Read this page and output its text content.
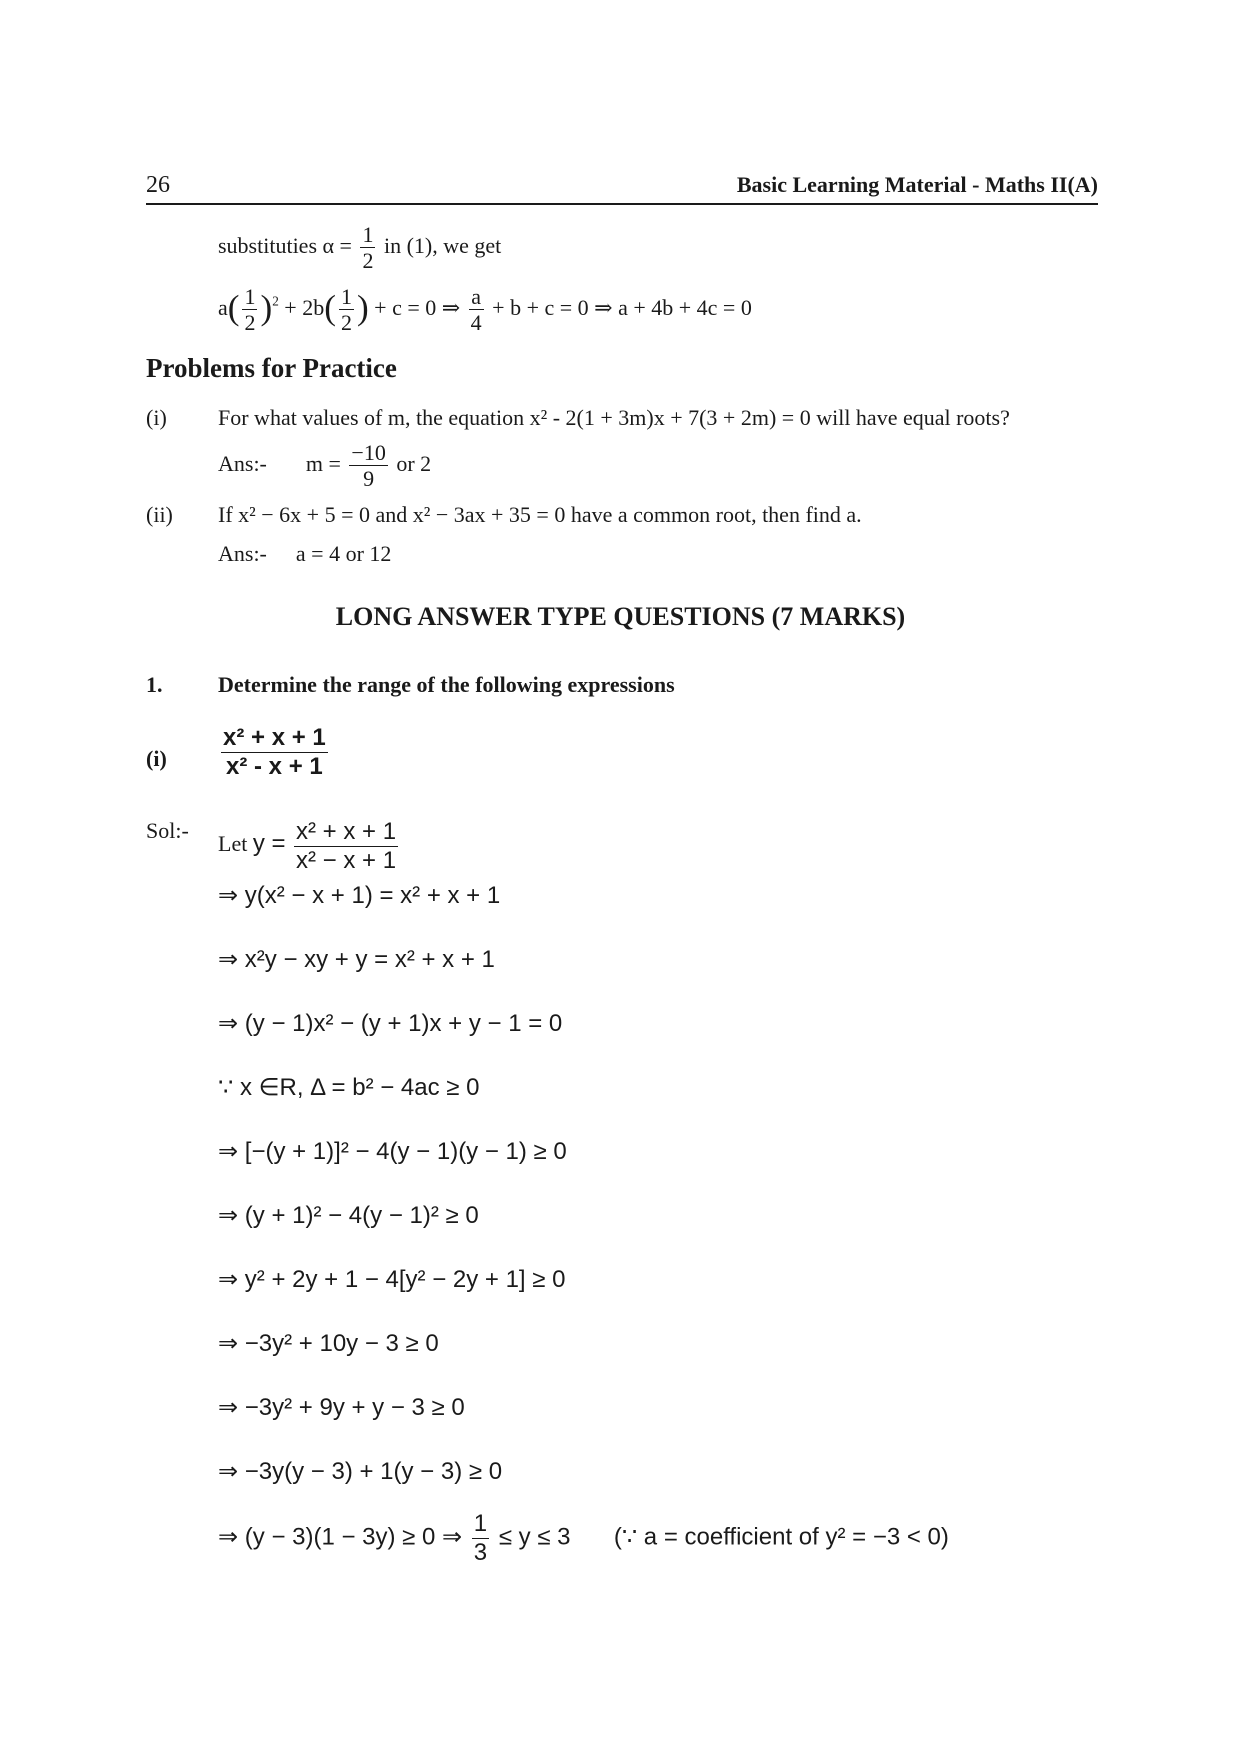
26	Basic Learning Material - Maths II(A)
substituties $\alpha = \frac{1}{2}$ in (1), we get
$a( \frac{1}{2} )^2 + 2b( \frac{1}{2}$ ) + c = 0 ⇒ $\frac{a}{4} + b + c = 0$ ⇒ a + 4b + 4c = 0
Problems for Practice
(i) For what values of m, the equation x² - 2(1 + 3m)x + 7(3 + 2m) = 0 will have equal roots?
Ans:- $m = \frac{-10}{9}$ or 2
(ii) If x² − 6x + 5 = 0 and x² − 3ax + 35 = 0 have a common root, then find a.
Ans:- a = 4 or 12
LONG ANSWER TYPE QUESTIONS (7 MARKS)
1.	Determine the range of the following expressions
$(i) \frac{\text{x² + x + 1}}{\text{x² - x + 1}}$
Sol:-
Let $y = \frac{\text{x² + x + 1}}{\text{x² − x + 1}}$
⇒ y(x² − x + 1) = x² + x + 1
⇒ x²y − xy + y = x² + x + 1
⇒ (y − 1)x² − (y + 1)x + y − 1 = 0
∵ x ∈R, Δ = b² − 4ac ≥ 0
⇒ [−(y + 1)]² − 4(y − 1)(y − 1) ≥ 0
⇒ (y + 1)² − 4(y − 1)² ≥ 0
⇒ y² + 2y + 1 − 4[y² − 2y + 1] ≥ 0
⇒ −3y² + 10y − 3 ≥ 0
⇒ −3y² + 9y + y − 3 ≥ 0
⇒ −3y(y − 3) + 1(y − 3) ≥ 0
⇒ (y − 3)(1 − 3y) ≥ 0 ⇒ $\frac{1}{3} \le y \le 3$ (∵ a = coefficient of y² = −3 < 0)
